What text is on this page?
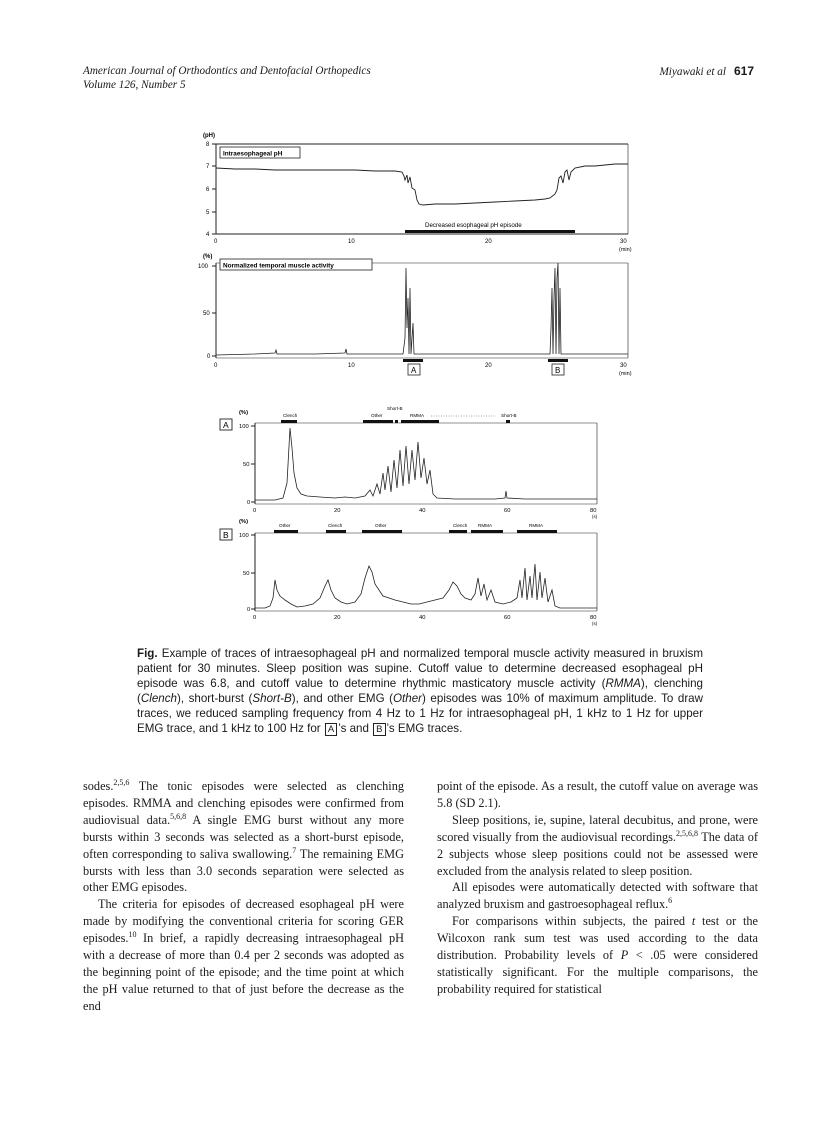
American Journal of Orthodontics and Dentofacial Orthopedics
Volume 126, Number 5
Miyawaki et al 617
(pH)
8
7
6
5
4
Intraesophageal pH
Decreased esophageal pH episode
0	10	20	30
(min)
(%)
100
50
0
Normalized temporal muscle activity
A	B
0	10	20	30
(min)
A
(%)
100
50
0
Clench
Short-B
Other	RMMA	Short-B
0	20	40	60	80
(s)
B
(%)
100
50
0
Other	Clench	Other	Clench RMMA	RMMA
0	20	40	60	80
(s)
Fig. Example of traces of intraesophageal pH and normalized temporal muscle activity measured in bruxism patient for 30 minutes. Sleep position was supine. Cutoff value to determine decreased esophageal pH episode was 6.8, and cutoff value to determine rhythmic masticatory muscle activity (RMMA), clenching (Clench), short-burst (Short-B), and other EMG (Other) episodes was 10% of maximum amplitude. To draw traces, we reduced sampling frequency from 4 Hz to 1 Hz for intraesophageal pH, 1 kHz to 1 Hz for upper EMG trace, and 1 kHz to 100 Hz for A ’s and B ’s EMG traces.

sodes.$^{2,5,6}$ The tonic episodes were selected as clenching episodes. RMMA and clenching episodes were confirmed from audiovisual data.$^{5,6,8}$ A single EMG burst without any more bursts within 3 seconds was selected as a short-burst episode, often corresponding to saliva swallowing.$^7$ The remaining EMG bursts with less than 3.0 seconds separation were selected as other EMG episodes.

The criteria for episodes of decreased esophageal pH were made by modifying the conventional criteria for scoring GER episodes.$^{10}$ In brief, a rapidly decreasing intraesophageal pH with a decrease of more than 0.4 per 2 seconds was adopted as the beginning point of the episode; and the time point at which the pH value returned to that of just before the decrease as the end

point of the episode. As a result, the cutoff value on average was 5.8 (SD 2.1).

Sleep positions, ie, supine, lateral decubitus, and prone, were scored visually from the audiovisual recordings.$^{2,5,6,8}$ The data of 2 subjects whose sleep positions could not be assessed were excluded from the analysis related to sleep position.

All episodes were automatically detected with software that analyzed bruxism and gastroesophageal reflux.$^6$

For comparisons within subjects, the paired t test or the Wilcoxon rank sum test was used according to the data distribution. Probability levels of P < .05 were considered statistically significant. For the multiple comparisons, the probability required for statistical
